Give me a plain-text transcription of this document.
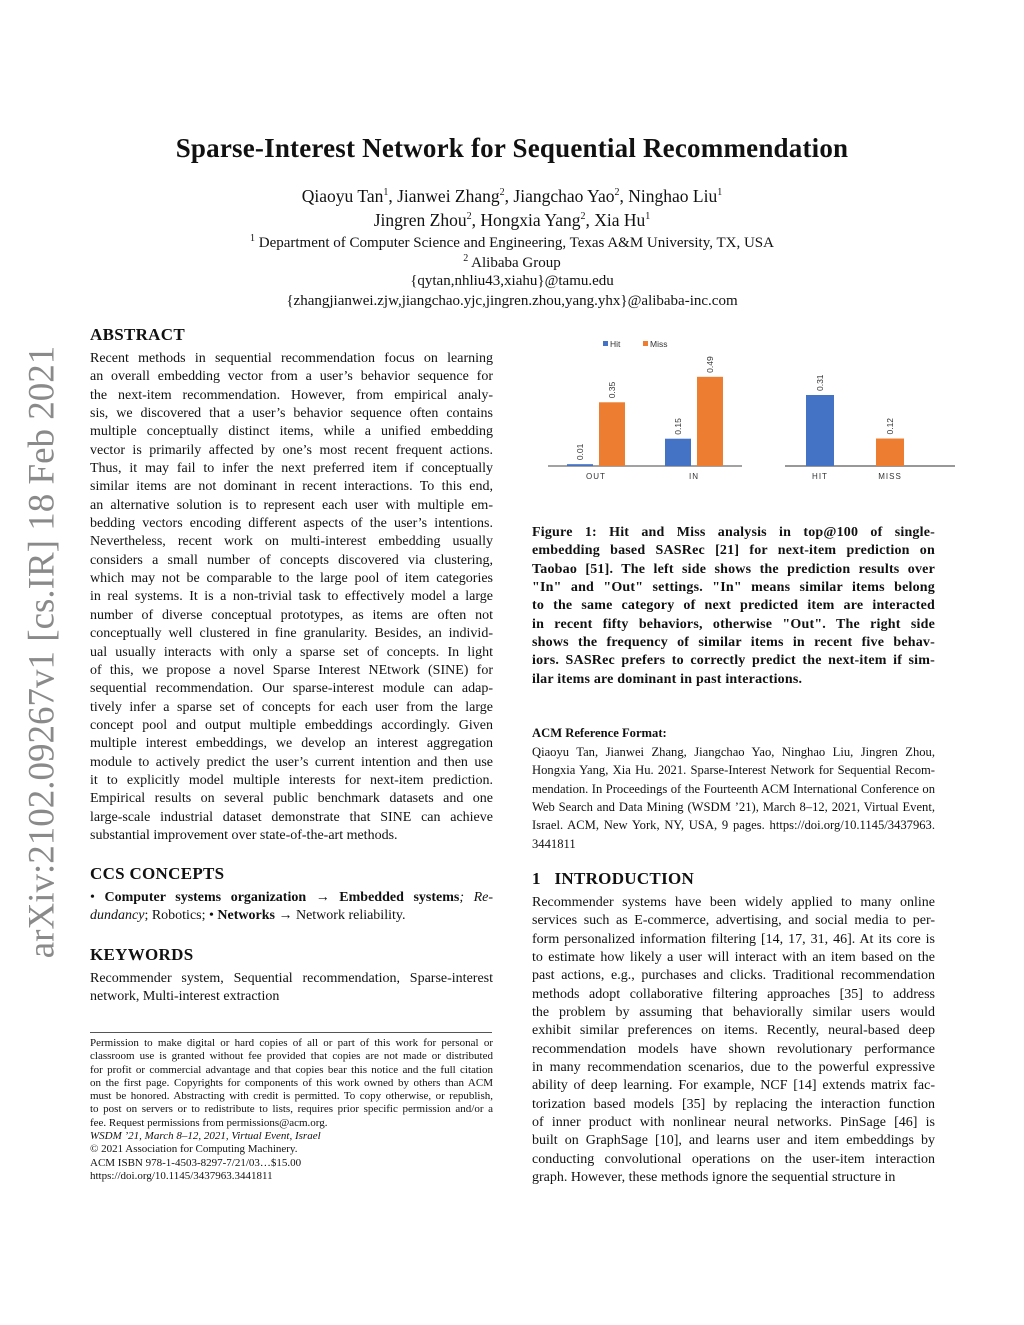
arXiv:2102.09267v1 [cs.IR] 18 Feb 2021
Sparse-Interest Network for Sequential Recommendation
Qiaoyu Tan$^1$, Jianwei Zhang$^2$, Jiangchao Yao$^2$, Ninghao Liu$^1$
Jingren Zhou$^2$, Hongxia Yang$^2$, Xia Hu$^1$
$^1$ Department of Computer Science and Engineering, Texas A&M University, TX, USA
$^2$ Alibaba Group
{qytan,nhliu43,xiahu}@tamu.edu
{zhangjianwei.zjw,jiangchao.yjc,jingren.zhou,yang.yhx}@alibaba-inc.com
ABSTRACT
Recent methods in sequential recommendation focus on learning
an overall embedding vector from a user’s behavior sequence for
the next-item recommendation. However, from empirical analy-
sis, we discovered that a user’s behavior sequence often contains
multiple conceptually distinct items, while a unified embedding
vector is primarily affected by one’s most recent frequent actions.
Thus, it may fail to infer the next preferred item if conceptually
similar items are not dominant in recent interactions. To this end,
an alternative solution is to represent each user with multiple em-
bedding vectors encoding different aspects of the user’s intentions.
Nevertheless, recent work on multi-interest embedding usually
considers a small number of concepts discovered via clustering,
which may not be comparable to the large pool of item categories
in real systems. It is a non-trivial task to effectively model a large
number of diverse conceptual prototypes, as items are often not
conceptually well clustered in fine granularity. Besides, an individ-
ual usually interacts with only a sparse set of concepts. In light
of this, we propose a novel Sparse Interest NEtwork (SINE) for
sequential recommendation. Our sparse-interest module can adap-
tively infer a sparse set of concepts for each user from the large
concept pool and output multiple embeddings accordingly. Given
multiple interest embeddings, we develop an interest aggregation
module to actively predict the user’s current intention and then use
it to explicitly model multiple interests for next-item prediction.
Empirical results on several public benchmark datasets and one
large-scale industrial dataset demonstrate that SINE can achieve
substantial improvement over state-of-the-art methods.
CCS CONCEPTS
• Computer systems organization → Embedded systems; Re-
dundancy; Robotics; • Networks → Network reliability.
KEYWORDS
Recommender system, Sequential recommendation, Sparse-interest
network, Multi-interest extraction
Permission to make digital or hard copies of all or part of this work for personal or
classroom use is granted without fee provided that copies are not made or distributed
for profit or commercial advantage and that copies bear this notice and the full citation
on the first page. Copyrights for components of this work owned by others than ACM
must be honored. Abstracting with credit is permitted. To copy otherwise, or republish,
to post on servers or to redistribute to lists, requires prior specific permission and/or a
fee. Request permissions from permissions@acm.org.
WSDM ’21, March 8–12, 2021, Virtual Event, Israel
© 2021 Association for Computing Machinery.
ACM ISBN 978-1-4503-8297-7/21/03…$15.00
https://doi.org/10.1145/3437963.3441811
Hit	Miss
0.01
0.35
OUT
0.15
0.49
IN
0.31
HIT
0.12
MISS
Figure 1: Hit and Miss analysis in top@100 of single-
embedding based SASRec [21] for next-item prediction on
Taobao [51]. The left side shows the prediction results over
"In" and "Out" settings. "In" means similar items belong
to the same category of next predicted item are interacted
in recent fifty behaviors, otherwise "Out". The right side
shows the frequency of similar items in recent five behav-
iors. SASRec prefers to correctly predict the next-item if sim-
ilar items are dominant in past interactions.
ACM Reference Format:
Qiaoyu Tan, Jianwei Zhang, Jiangchao Yao, Ninghao Liu, Jingren Zhou,
Hongxia Yang, Xia Hu. 2021. Sparse-Interest Network for Sequential Recom-
mendation. In Proceedings of the Fourteenth ACM International Conference on
Web Search and Data Mining (WSDM ’21), March 8–12, 2021, Virtual Event,
Israel. ACM, New York, NY, USA, 9 pages. https://doi.org/10.1145/3437963.
3441811
1 INTRODUCTION
Recommender systems have been widely applied to many online
services such as E-commerce, advertising, and social media to per-
form personalized information filtering [14, 17, 31, 46]. At its core is
to estimate how likely a user will interact with an item based on the
past actions, e.g., purchases and clicks. Traditional recommendation
methods adopt collaborative filtering approaches [35] to address
the problem by assuming that behaviorally similar users would
exhibit similar preferences on items. Recently, neural-based deep
recommendation models have shown revolutionary performance
in many recommendation scenarios, due to the powerful expressive
ability of deep learning. For example, NCF [14] extends matrix fac-
torization based models [35] by replacing the interaction function
of inner product with nonlinear neural networks. PinSage [46] is
built on GraphSage [10], and learns user and item embeddings by
conducting convolutional operations on the user-item interaction
graph. However, these methods ignore the sequential structure in
